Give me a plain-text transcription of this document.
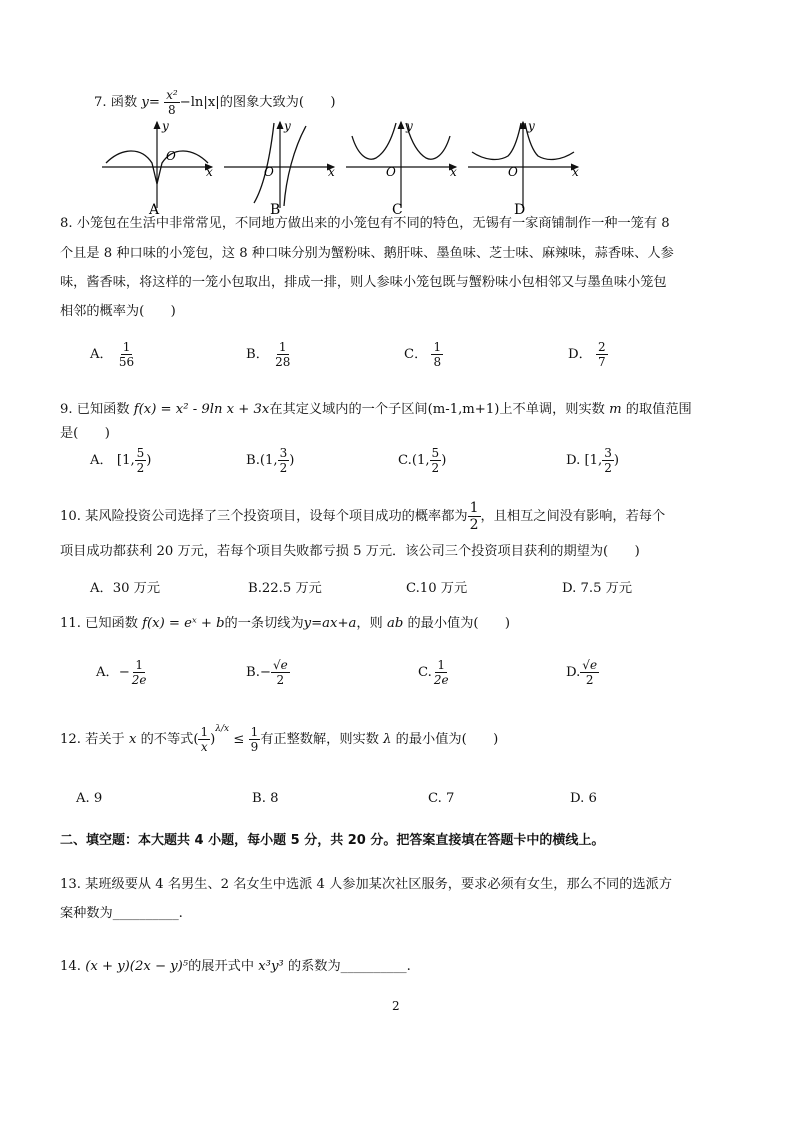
7. 函数 $y= \frac{\text{x²}}{8} -\ln|x|$的图象大致为(　　)
y
O
x
A
y
O	x
B
y
O	x
C
y
O	x
D
8. 小笼包在生活中非常常见，不同地方做出来的小笼包有不同的特色，无锡有一家商铺制作一种一笼有 8
个且是 8 种口味的小笼包，这 8 种口味分别为蟹粉味、鹅肝味、墨鱼味、芝士味、麻辣味，蒜香味、人参
味，酱香味，将这样的一笼小包取出，排成一排，则人参味小笼包既与蟹粉味小包相邻又与墨鱼味小笼包
相邻的概率为(　　)
A． $\frac{1}{56}$	B． $\frac{1}{28}$	C． $\frac{1}{8}$	D． $\frac{2}{7}$
9. 已知函数 f(x) = x² - 9ln x + 3x在其定义域内的一个子区间(m-1,m+1)上不单调，则实数 m 的取值范围
是(　　)
A． [1, $\frac{5}{2}$ )	B.(1, $\frac{3}{2}$ )	C.(1, $\frac{5}{2}$ )	D. [1, $\frac{3}{2}$ )
10. 某风险投资公司选择了三个投资项目，设每个项目成功的概率都为 $\frac{1}{2}$ ，且相互之间没有影响，若每个
项目成功都获利 20 万元，若每个项目失败都亏损 5 万元．该公司三个投资项目获利的期望为(　　)
A．30 万元	B.22.5 万元	C.10 万元	D. 7.5 万元
11. 已知函数 f(x) = eˣ + b的一条切线为y=ax+a，则 ab 的最小值为(　　)
A．− $\frac{1}{2e}$	$B.- \frac{√e}{2}$	C. $\frac{1}{2e}$	D. $\frac{√e}{2}$
12. 若关于 x 的不等式( $\frac{1}{x} )^{\lambda/x} \le \frac{1}{9}$ 有正整数解，则实数 λ 的最小值为(　　)
A. 9	B. 8	C. 7	D. 6
二、填空题：本大题共 4 小题，每小题 5 分，共 20 分。把答案直接填在答题卡中的横线上。
13. 某班级要从 4 名男生、2 名女生中选派 4 人参加某次社区服务，要求必须有女生，那么不同的选派方
案种数为__________.
14. (x + y)(2x − y)⁵的展开式中 x³y³ 的系数为__________.
2
